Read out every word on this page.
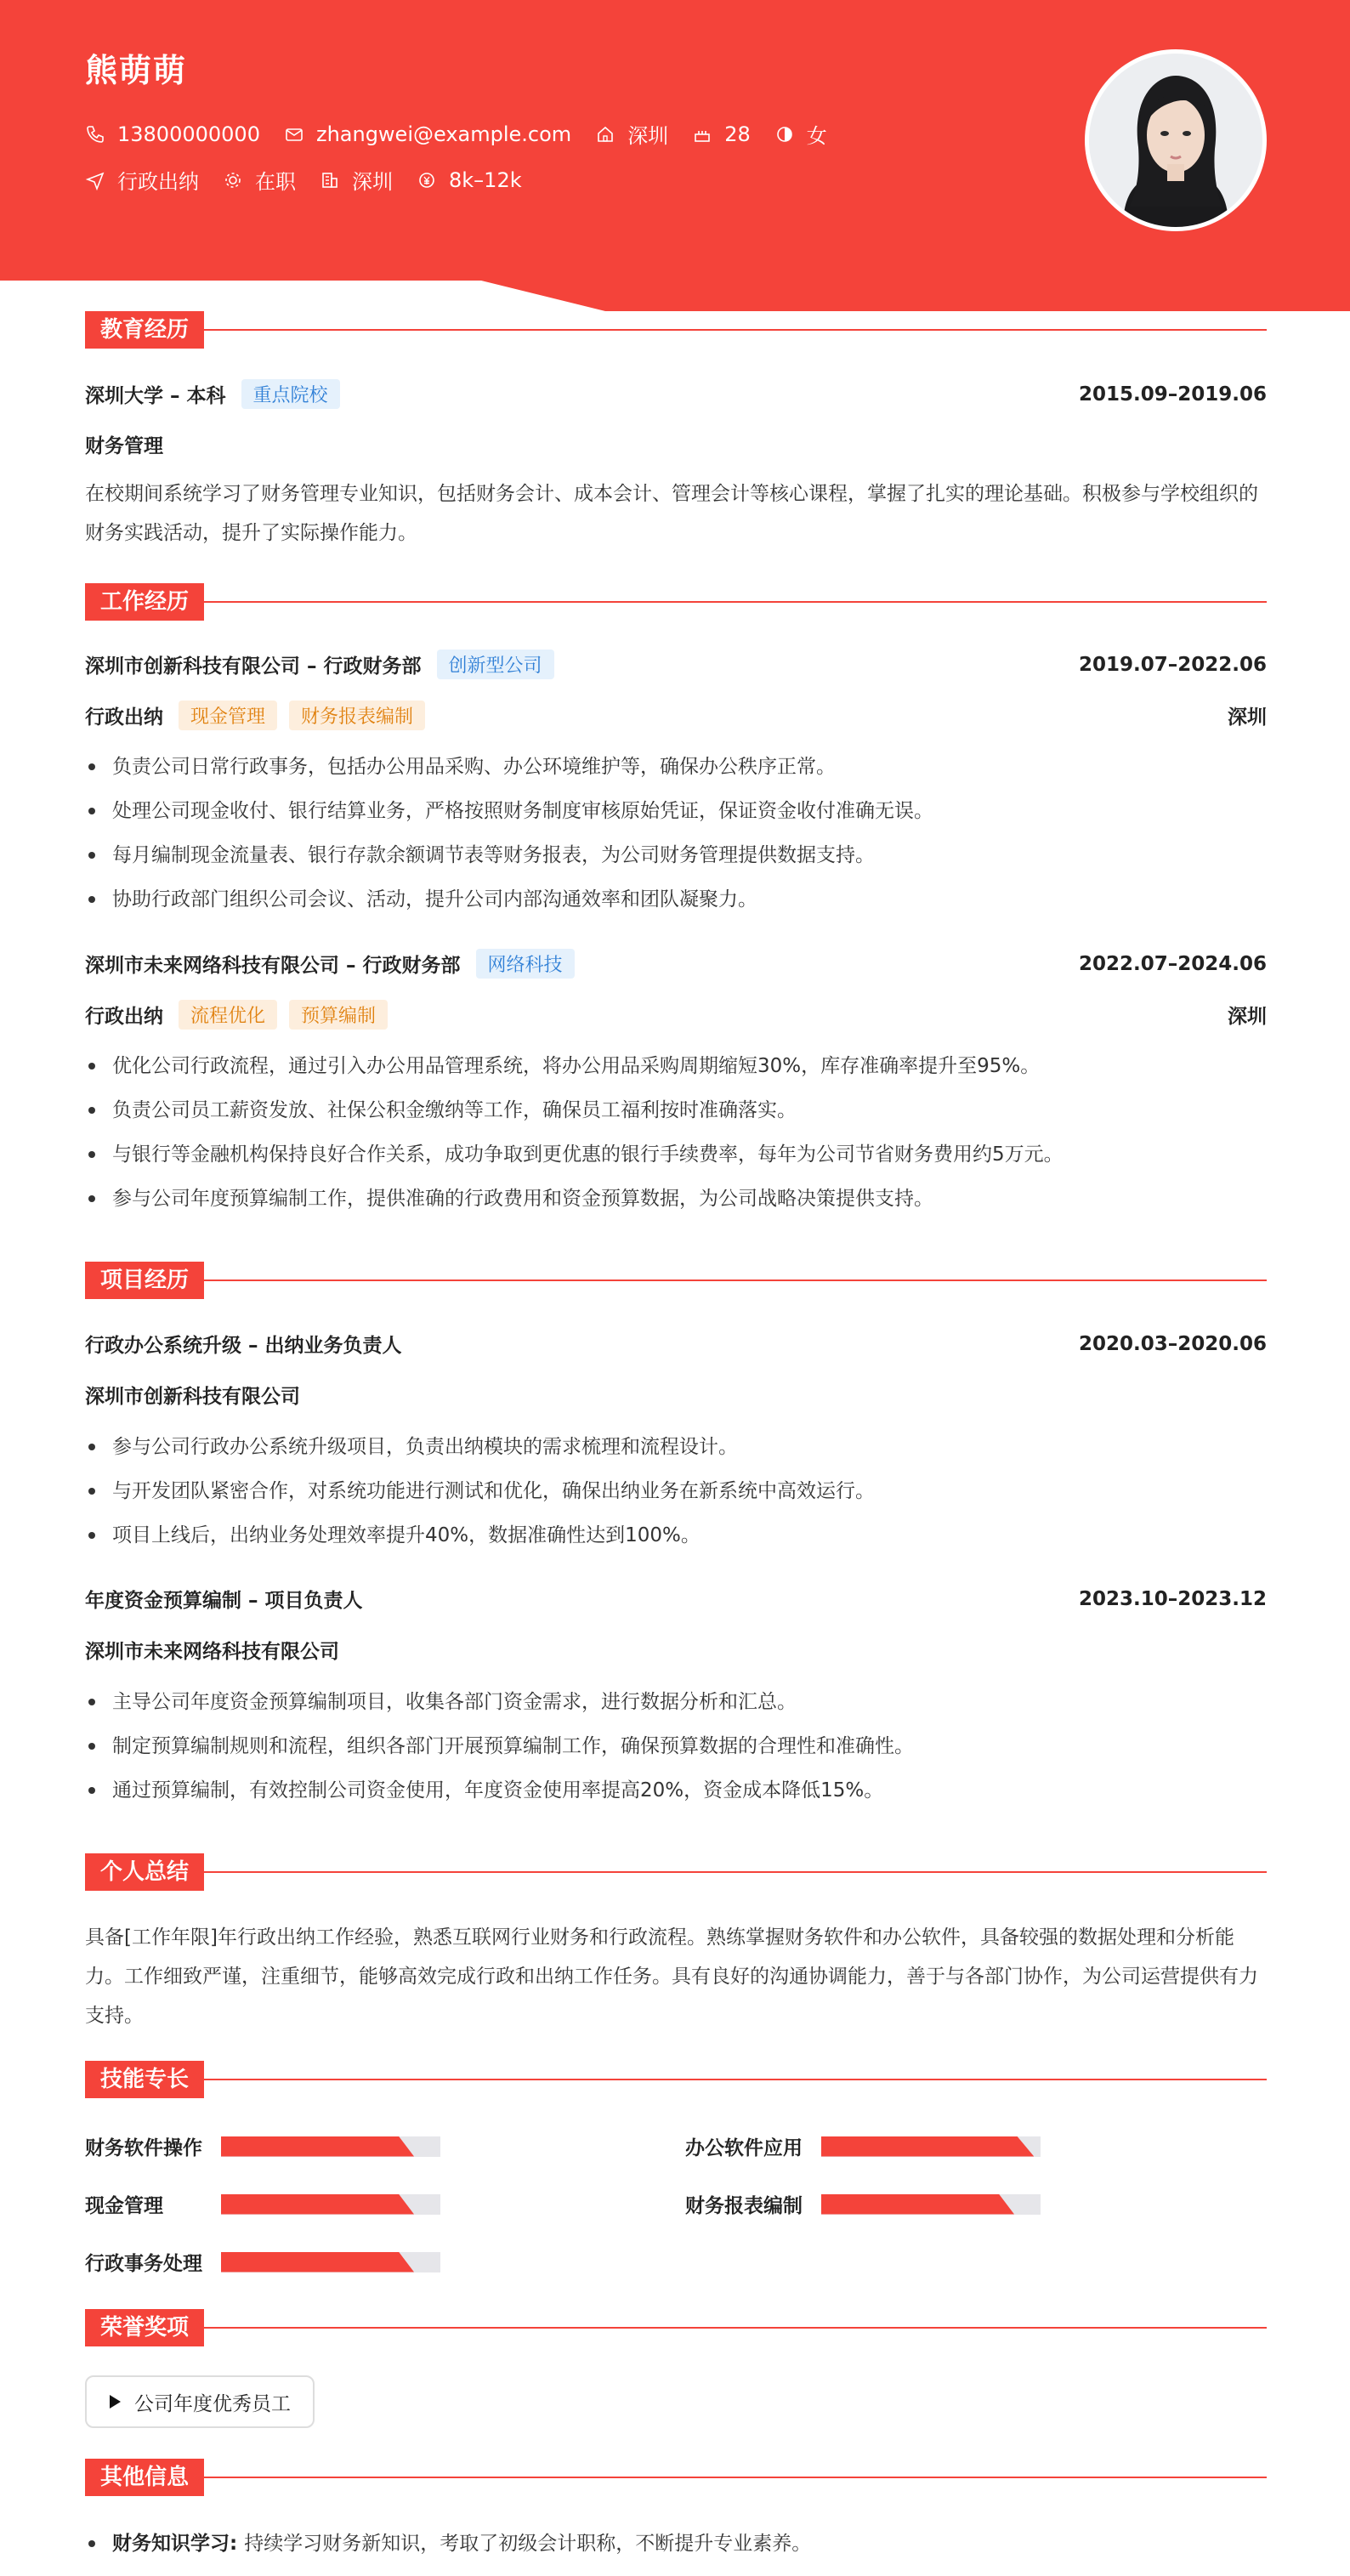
熊萌萌
13800000000	zhangwei@example.com	深圳	28	女
行政出纳	在职	深圳	8k–12k
教育经历
深圳大学 – 本科	重点院校	2015.09–2019.06
财务管理
在校期间系统学习了财务管理专业知识，包括财务会计、成本会计、管理会计等核心课程，掌握了扎实的理论基础。积极参与学校组织的财务实践活动，提升了实际操作能力。
工作经历
深圳市创新科技有限公司 – 行政财务部	创新型公司	2019.07–2022.06
行政出纳	现金管理	财务报表编制	深圳
负责公司日常行政事务，包括办公用品采购、办公环境维护等，确保办公秩序正常。
处理公司现金收付、银行结算业务，严格按照财务制度审核原始凭证，保证资金收付准确无误。
每月编制现金流量表、银行存款余额调节表等财务报表，为公司财务管理提供数据支持。
协助行政部门组织公司会议、活动，提升公司内部沟通效率和团队凝聚力。
深圳市未来网络科技有限公司 – 行政财务部	网络科技	2022.07–2024.06
行政出纳	流程优化	预算编制	深圳
优化公司行政流程，通过引入办公用品管理系统，将办公用品采购周期缩短30%，库存准确率提升至95%。
负责公司员工薪资发放、社保公积金缴纳等工作，确保员工福利按时准确落实。
与银行等金融机构保持良好合作关系，成功争取到更优惠的银行手续费率，每年为公司节省财务费用约5万元。
参与公司年度预算编制工作，提供准确的行政费用和资金预算数据，为公司战略决策提供支持。
项目经历
行政办公系统升级 – 出纳业务负责人	2020.03–2020.06
深圳市创新科技有限公司
参与公司行政办公系统升级项目，负责出纳模块的需求梳理和流程设计。
与开发团队紧密合作，对系统功能进行测试和优化，确保出纳业务在新系统中高效运行。
项目上线后，出纳业务处理效率提升40%，数据准确性达到100%。
年度资金预算编制 – 项目负责人	2023.10–2023.12
深圳市未来网络科技有限公司
主导公司年度资金预算编制项目，收集各部门资金需求，进行数据分析和汇总。
制定预算编制规则和流程，组织各部门开展预算编制工作，确保预算数据的合理性和准确性。
通过预算编制，有效控制公司资金使用，年度资金使用率提高20%，资金成本降低15%。
个人总结
具备[工作年限]年行政出纳工作经验，熟悉互联网行业财务和行政流程。熟练掌握财务软件和办公软件，具备较强的数据处理和分析能力。工作细致严谨，注重细节，能够高效完成行政和出纳工作任务。具有良好的沟通协调能力，善于与各部门协作，为公司运营提供有力支持。
技能专长
财务软件操作	办公软件应用
现金管理	财务报表编制
行政事务处理
荣誉奖项
公司年度优秀员工
其他信息
财务知识学习: 持续学习财务新知识，考取了初级会计职称，不断提升专业素养。
